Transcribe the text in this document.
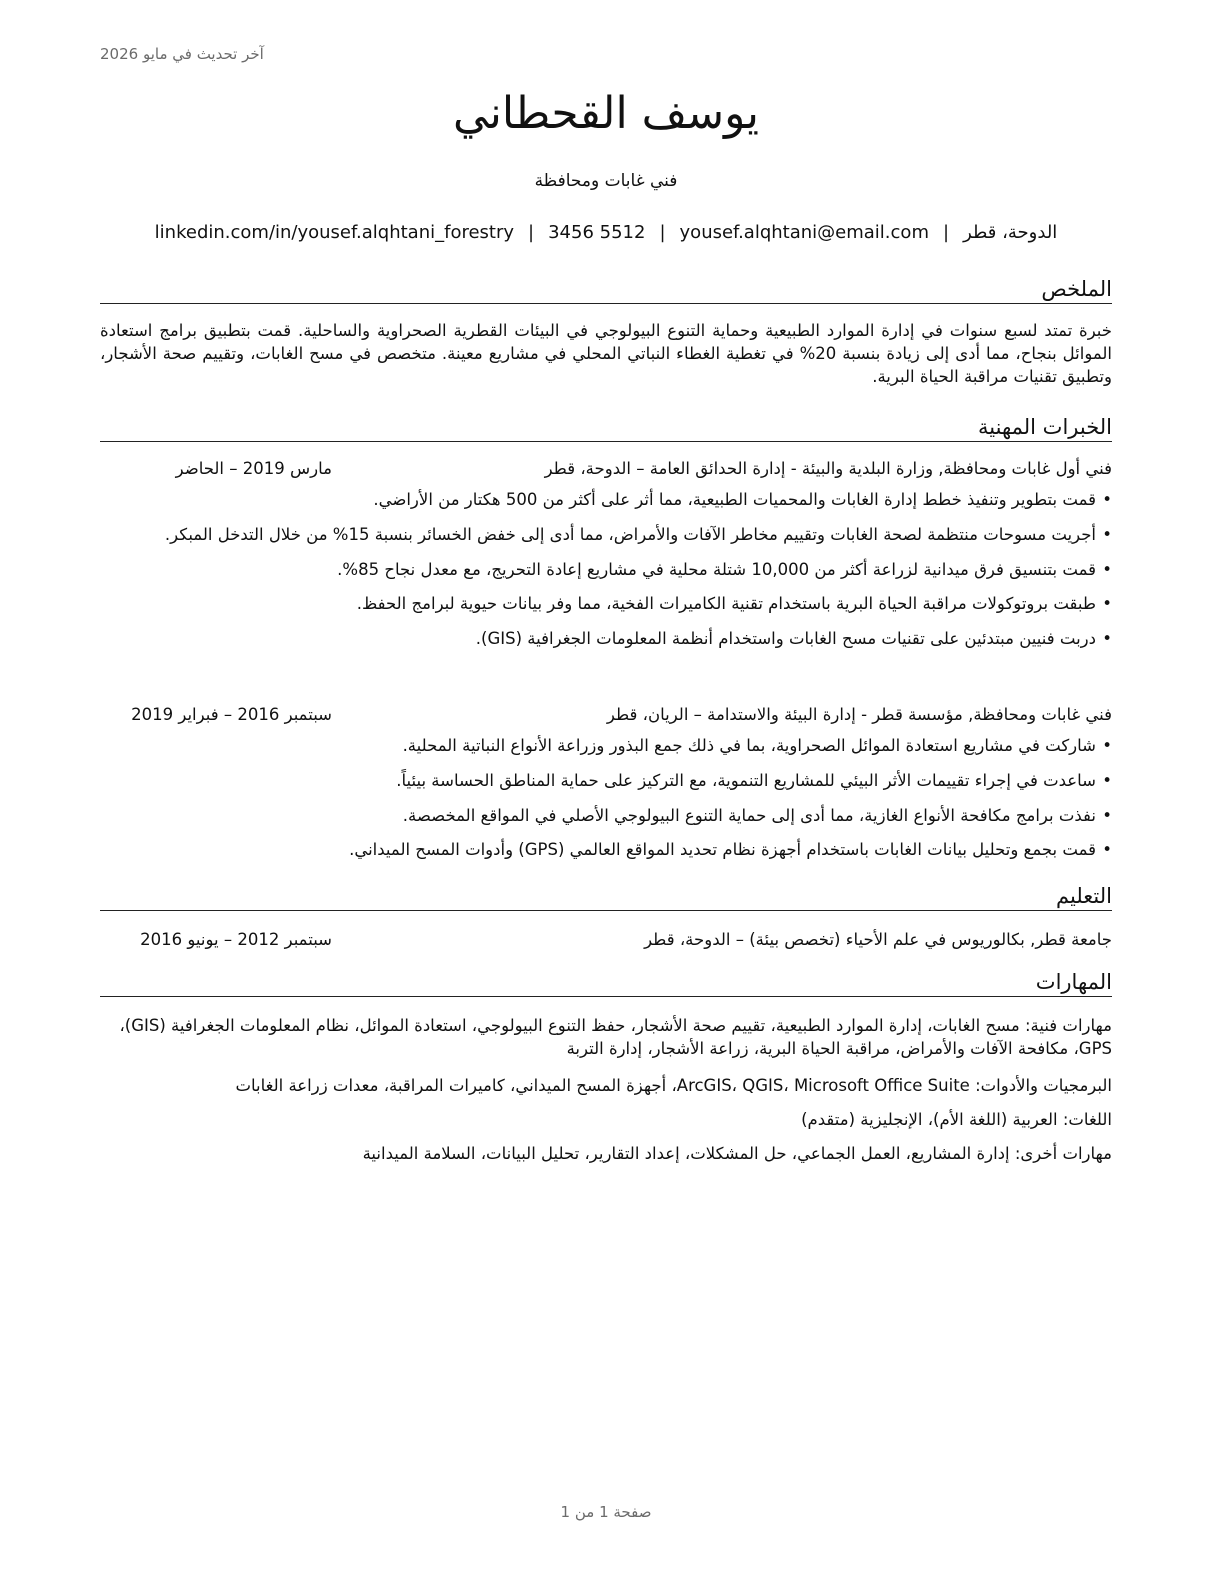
آخر تحديث في مايو 2026
يوسف القحطاني
فني غابات ومحافظة
الدوحة، قطر|yousef.alqhtani@email.com|3456 5512|linkedin.com/in/yousef.alqhtani_forestry
الملخص
خبرة تمتد لسبع سنوات في إدارة الموارد الطبيعية وحماية التنوع البيولوجي في البيئات القطرية الصحراوية والساحلية. قمت بتطبيق برامج استعادة الموائل بنجاح، مما أدى إلى زيادة بنسبة 20% في تغطية الغطاء النباتي المحلي في مشاريع معينة. متخصص في مسح الغابات، وتقييم صحة الأشجار، وتطبيق تقنيات مراقبة الحياة البرية.
الخبرات المهنية
فني أول غابات ومحافظة, وزارة البلدية والبيئة - إدارة الحدائق العامة – الدوحة، قطر
مارس 2019 – الحاضر
• قمت بتطوير وتنفيذ خطط إدارة الغابات والمحميات الطبيعية، مما أثر على أكثر من 500 هكتار من الأراضي.
• أجريت مسوحات منتظمة لصحة الغابات وتقييم مخاطر الآفات والأمراض، مما أدى إلى خفض الخسائر بنسبة 15% من خلال التدخل المبكر.
• قمت بتنسيق فرق ميدانية لزراعة أكثر من 10,000 شتلة محلية في مشاريع إعادة التحريج، مع معدل نجاح 85%.
• طبقت بروتوكولات مراقبة الحياة البرية باستخدام تقنية الكاميرات الفخية، مما وفر بيانات حيوية لبرامج الحفظ.
• دربت فنيين مبتدئين على تقنيات مسح الغابات واستخدام أنظمة المعلومات الجغرافية (GIS).
فني غابات ومحافظة, مؤسسة قطر - إدارة البيئة والاستدامة – الريان، قطر
سبتمبر 2016 – فبراير 2019
• شاركت في مشاريع استعادة الموائل الصحراوية، بما في ذلك جمع البذور وزراعة الأنواع النباتية المحلية.
• ساعدت في إجراء تقييمات الأثر البيئي للمشاريع التنموية، مع التركيز على حماية المناطق الحساسة بيئياً.
• نفذت برامج مكافحة الأنواع الغازية، مما أدى إلى حماية التنوع البيولوجي الأصلي في المواقع المخصصة.
• قمت بجمع وتحليل بيانات الغابات باستخدام أجهزة نظام تحديد المواقع العالمي (GPS) وأدوات المسح الميداني.
التعليم
جامعة قطر, بكالوريوس في علم الأحياء (تخصص بيئة) – الدوحة، قطر
سبتمبر 2012 – يونيو 2016
المهارات
مهارات فنية: مسح الغابات، إدارة الموارد الطبيعية، تقييم صحة الأشجار، حفظ التنوع البيولوجي، استعادة الموائل، نظام المعلومات الجغرافية (GIS)، GPS، مكافحة الآفات والأمراض، مراقبة الحياة البرية، زراعة الأشجار، إدارة التربة
البرمجيات والأدوات: ArcGIS، QGIS، Microsoft Office Suite، أجهزة المسح الميداني، كاميرات المراقبة، معدات زراعة الغابات
اللغات: العربية (اللغة الأم)، الإنجليزية (متقدم)
مهارات أخرى: إدارة المشاريع، العمل الجماعي، حل المشكلات، إعداد التقارير، تحليل البيانات، السلامة الميدانية
صفحة 1 من 1
